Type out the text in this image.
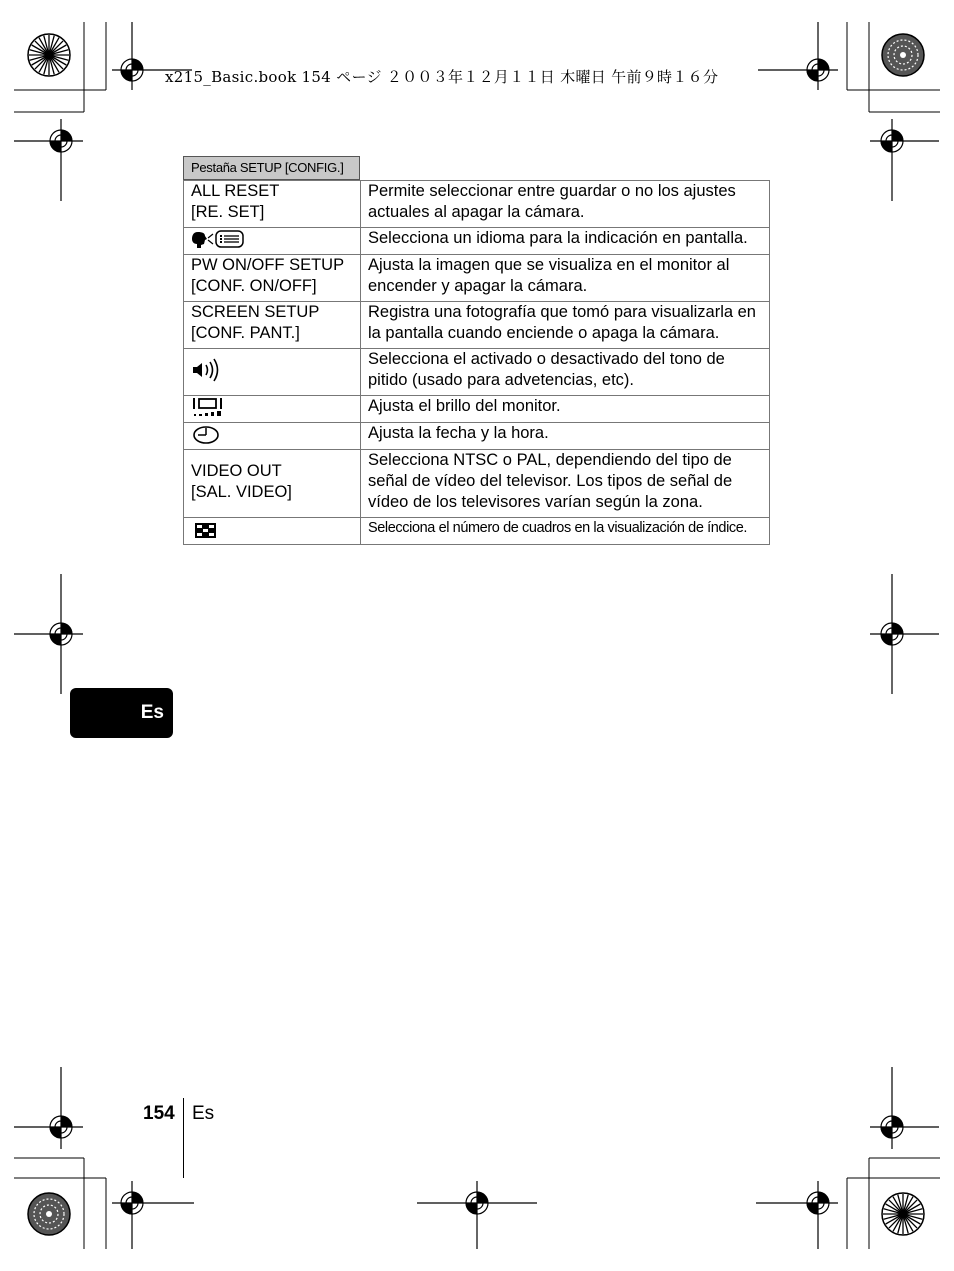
x215_Basic.book 154 ページ ２００３年１２月１１日 木曜日 午前９時１６分
Pestaña SETUP [CONFIG.]
ALL RESET
[RE. SET]	Permite seleccionar entre guardar o no los ajustes actuales al apagar la cámara.

	Selecciona un idioma para la indicación en pantalla.

PW ON/OFF SETUP
[CONF. ON/OFF]	Ajusta la imagen que se visualiza en el monitor al encender y apagar la cámara.

SCREEN SETUP
[CONF. PANT.]	Registra una fotografía que tomó para visualizarla en la pantalla cuando enciende o apaga la cámara.

	Selecciona el activado o desactivado del tono de pitido (usado para advetencias, etc).

	Ajusta el brillo del monitor.

	Ajusta la fecha y la hora.

VIDEO OUT
[SAL. VIDEO]	Selecciona NTSC o PAL, dependiendo del tipo de señal de vídeo del televisor. Los tipos de señal de vídeo de los televisores varían según la zona.

	Selecciona el número de cuadros en la visualización de índice.
Es
154 Es
